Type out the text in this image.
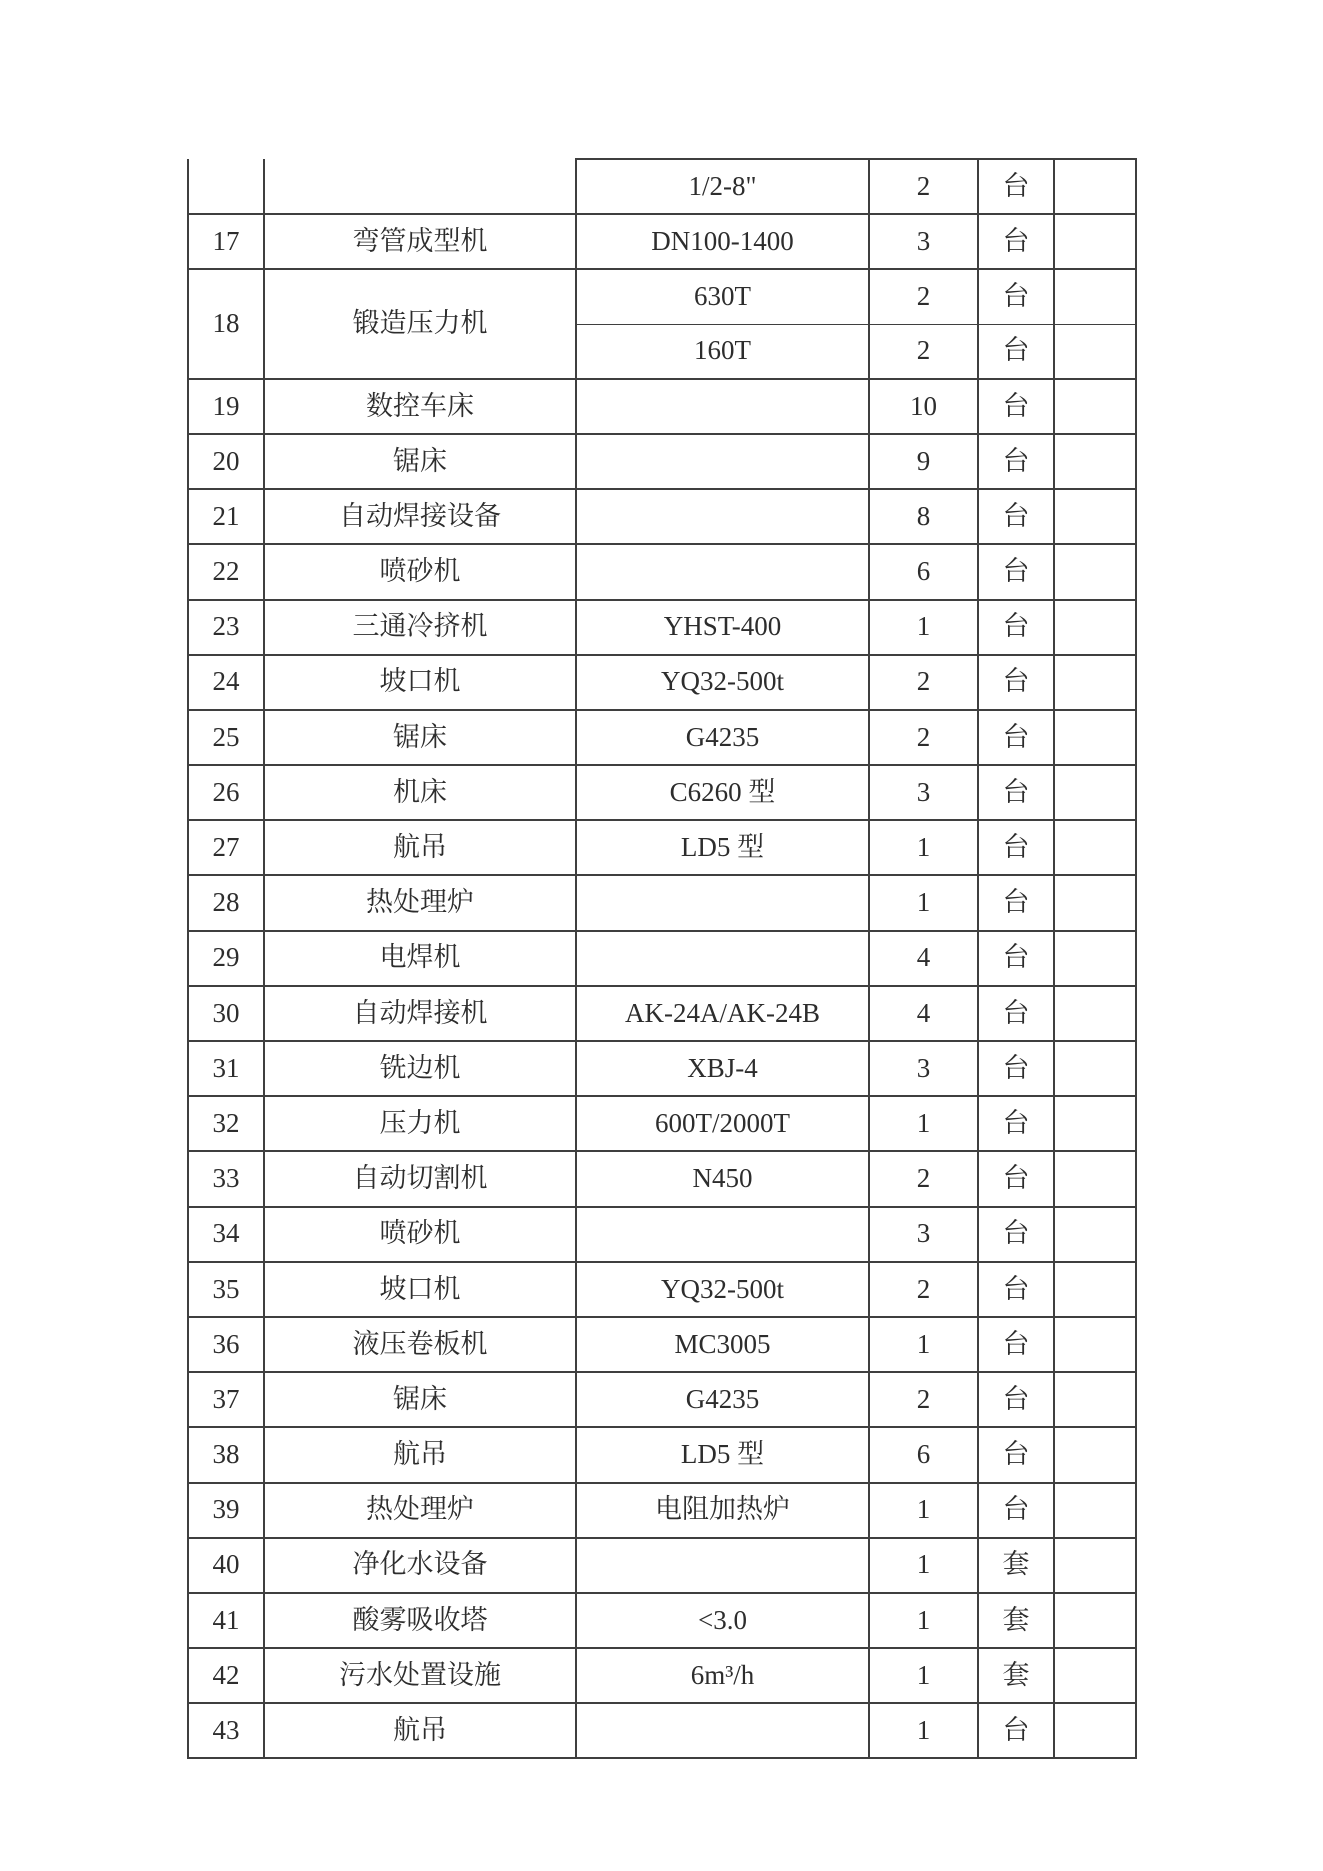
		1/2-8"	2	台	
17	弯管成型机	DN100-1400	3	台	
18	锻造压力机	630T	2	台	
		160T	2	台	
19	数控车床		10	台	
20	锯床		9	台	
21	自动焊接设备		8	台	
22	喷砂机		6	台	
23	三通冷挤机	YHST-400	1	台	
24	坡口机	YQ32-500t	2	台	
25	锯床	G4235	2	台	
26	机床	C6260 型	3	台	
27	航吊	LD5 型	1	台	
28	热处理炉		1	台	
29	电焊机		4	台	
30	自动焊接机	AK-24A/AK-24B	4	台	
31	铣边机	XBJ-4	3	台	
32	压力机	600T/2000T	1	台	
33	自动切割机	N450	2	台	
34	喷砂机		3	台	
35	坡口机	YQ32-500t	2	台	
36	液压卷板机	MC3005	1	台	
37	锯床	G4235	2	台	
38	航吊	LD5 型	6	台	
39	热处理炉	电阻加热炉	1	台	
40	净化水设备		1	套	
41	酸雾吸收塔	<3.0	1	套	
42	污水处置设施	6m³/h	1	套	
43	航吊		1	台	
